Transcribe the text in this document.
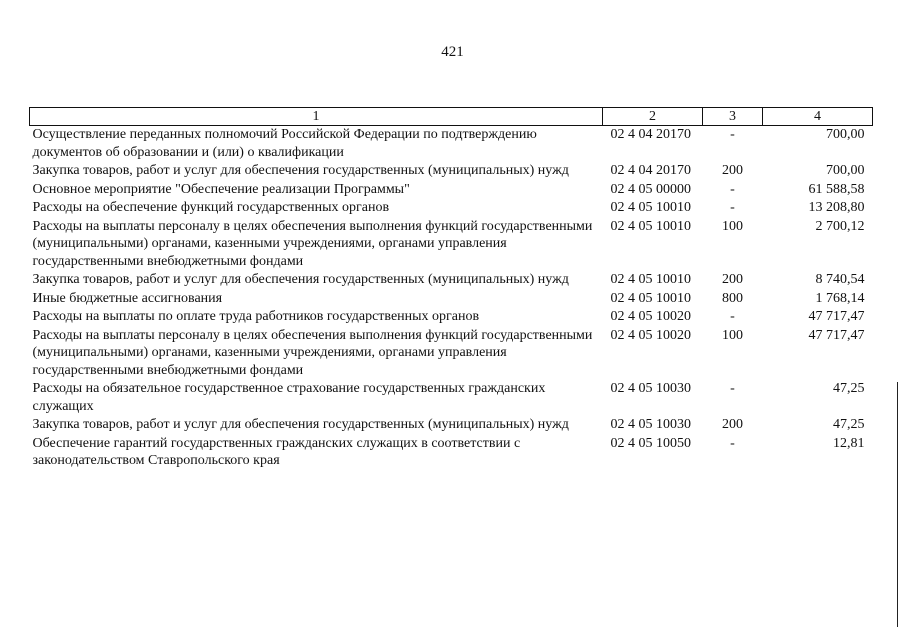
421
1	2	3	4
Осуществление переданных полномочий Российской Федерации по подтверждению документов об образовании и (или) о квалификации	02 4 04 20170	-	700,00
Закупка товаров, работ и услуг для обеспечения государственных (муниципальных) нужд	02 4 04 20170	200	700,00
Основное мероприятие "Обеспечение реализации Программы"	02 4 05 00000	-	61 588,58
Расходы на обеспечение функций государственных органов	02 4 05 10010	-	13 208,80
Расходы на выплаты персоналу в целях обеспечения выполнения функций государственными (муниципальными) органами, казенными учреждениями, органами управления государственными внебюджетными фондами	02 4 05 10010	100	2 700,12
Закупка товаров, работ и услуг для обеспечения государственных (муниципальных) нужд	02 4 05 10010	200	8 740,54
Иные бюджетные ассигнования	02 4 05 10010	800	1 768,14
Расходы на выплаты по оплате труда работников государственных органов	02 4 05 10020	-	47 717,47
Расходы на выплаты персоналу в целях обеспечения выполнения функций государственными (муниципальными) органами, казенными учреждениями, органами управления государственными внебюджетными фондами	02 4 05 10020	100	47 717,47
Расходы на обязательное государственное страхование государственных гражданских служащих	02 4 05 10030	-	47,25
Закупка товаров, работ и услуг для обеспечения государственных (муниципальных) нужд	02 4 05 10030	200	47,25
Обеспечение гарантий государственных гражданских служащих в соответствии с законодательством Ставропольского края	02 4 05 10050	-	12,81
